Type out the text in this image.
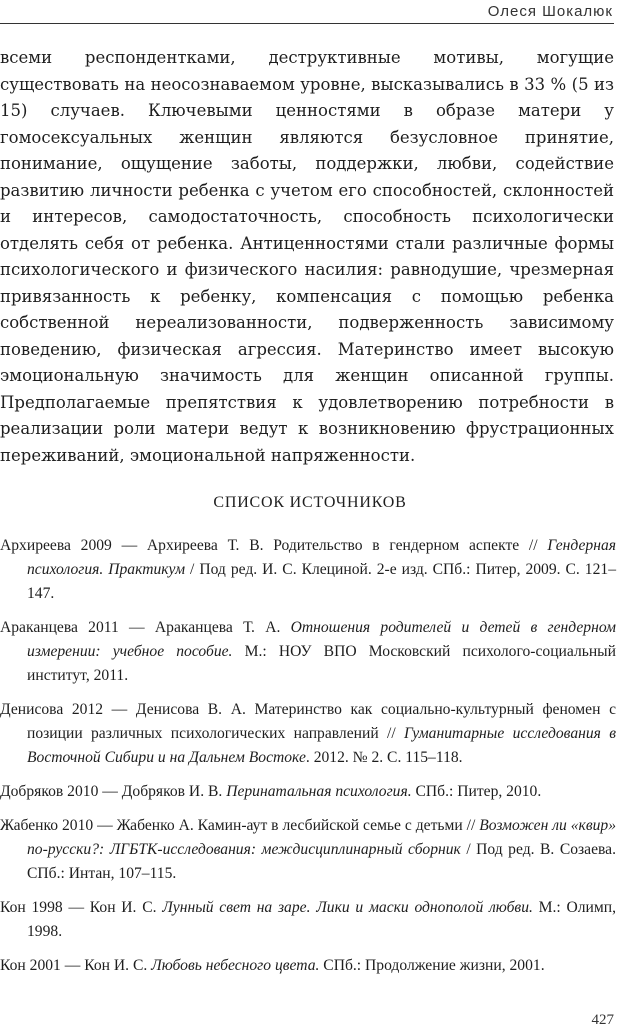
Олеся Шокалюк

всеми респондентками, деструктивные мотивы, могущие существовать на неосознаваемом уровне, высказывались в 33 % (5 из 15) случаев. Ключевыми ценностями в образе матери у гомосексуальных женщин являются безусловное принятие, понимание, ощущение заботы, поддержки, любви, содействие развитию личности ребенка с учетом его способностей, склонностей и интересов, самодостаточность, способность психологически отделять себя от ребенка. Антиценностями стали различные формы психологического и физического насилия: равнодушие, чрезмерная привязанность к ребенку, компенсация с помощью ребенка собственной нереализованности, подверженность зависимому поведению, физическая агрессия. Материнство имеет высокую эмоциональную значимость для женщин описанной группы. Предполагаемые препятствия к удовлетворению потребности в реализации роли матери ведут к возникновению фрустрационных переживаний, эмоциональной напряженности.

СПИСОК ИСТОЧНИКОВ
Архиреева 2009 — Архиреева Т. В. Родительство в гендерном аспекте // Гендерная психология. Практикум / Под ред. И. С. Клециной. 2-е изд. СПб.: Питер, 2009. С. 121–147.
Араканцева 2011 — Араканцева Т. А. Отношения родителей и детей в гендерном измерении: учебное пособие. М.: НОУ ВПО Московский психолого-социальный институт, 2011.
Денисова 2012 — Денисова В. А. Материнство как социально-культурный феномен с позиции различных психологических направлений // Гуманитарные исследования в Восточной Сибири и на Дальнем Востоке. 2012. № 2. С. 115–118.
Добряков 2010 — Добряков И. В. Перинатальная психология. СПб.: Питер, 2010.
Жабенко 2010 — Жабенко А. Камин-аут в лесбийской семье с детьми // Возможен ли «квир» по-русски?: ЛГБТК-исследования: междисциплинарный сборник / Под ред. В. Созаева. СПб.: Интан, 107–115.
Кон 1998 — Кон И. С. Лунный свет на заре. Лики и маски однополой любви. М.: Олимп, 1998.
Кон 2001 — Кон И. С. Любовь небесного цвета. СПб.: Продолжение жизни, 2001.
427
